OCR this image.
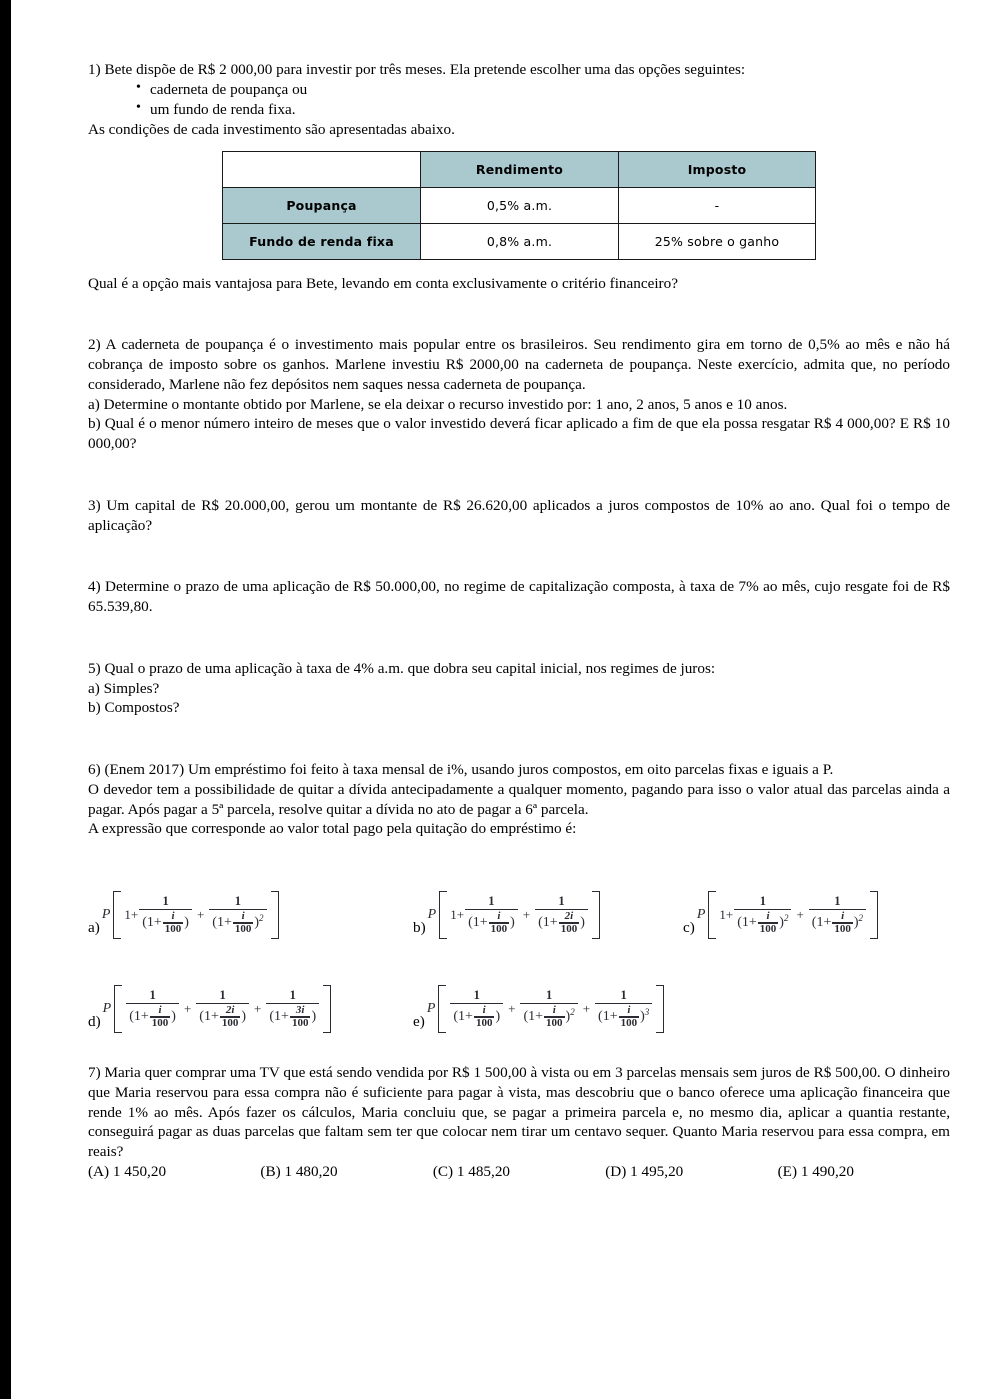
1) Bete dispõe de R$ 2 000,00 para investir por três meses. Ela pretende escolher uma das opções seguintes:

• caderneta de poupança ou
• um fundo de renda fixa.

As condições de cada investimento são apresentadas abaixo.

	Rendimento	Imposto
Poupança	0,5% a.m.	-
Fundo de renda fixa	0,8% a.m.	25% sobre o ganho

Qual é a opção mais vantajosa para Bete, levando em conta exclusivamente o critério financeiro?

2) A caderneta de poupança é o investimento mais popular entre os brasileiros. Seu rendimento gira em torno de 0,5% ao mês e não há cobrança de imposto sobre os ganhos. Marlene investiu R$ 2000,00 na caderneta de poupança. Neste exercício, admita que, no período considerado, Marlene não fez depósitos nem saques nessa caderneta de poupança.

a) Determine o montante obtido por Marlene, se ela deixar o recurso investido por: 1 ano, 2 anos, 5 anos e 10 anos.

b) Qual é o menor número inteiro de meses que o valor investido deverá ficar aplicado a fim de que ela possa resgatar R$ 4 000,00? E R$ 10 000,00?

3) Um capital de R$ 20.000,00, gerou um montante de R$ 26.620,00 aplicados a juros compostos de 10% ao ano. Qual foi o tempo de aplicação?

4) Determine o prazo de uma aplicação de R$ 50.000,00, no regime de capitalização composta, à taxa de 7% ao mês, cujo resgate foi de R$ 65.539,80.

5) Qual o prazo de uma aplicação à taxa de 4% a.m. que dobra seu capital inicial, nos regimes de juros:

a) Simples?

b) Compostos?

6) (Enem 2017) Um empréstimo foi feito à taxa mensal de i%, usando juros compostos, em oito parcelas fixas e iguais a P.

O devedor tem a possibilidade de quitar a dívida antecipadamente a qualquer momento, pagando para isso o valor atual das parcelas ainda a pagar. Após pagar a 5ª parcela, resolve quitar a dívida no ato de pagar a 6ª parcela.

A expressão que corresponde ao valor total pago pela quitação do empréstimo é:

a)
P 1+
1
(1+ i
100 )
+
1
(1+ i
100 ) 2
b)
P 1+
1
(1+ i
100 )
+
1
(1+ 2i
100 )	c)
P 1+
1
(1+ i
100 ) 2 +
1
(1+ i
100 ) 2
d)
P
1
(1+ i
100 )
+
1
(1+ 2i
100 )
+
1
(1+ 3i
100 )	e)
P
1
(1+ i
100 )
+
1
(1+ i
100 ) 2 +
1
(1+ i
100 ) 3

7) Maria quer comprar uma TV que está sendo vendida por R$ 1 500,00 à vista ou em 3 parcelas mensais sem juros de R$ 500,00. O dinheiro que Maria reservou para essa compra não é suficiente para pagar à vista, mas descobriu que o banco oferece uma aplicação financeira que rende 1% ao mês. Após fazer os cálculos, Maria concluiu que, se pagar a primeira parcela e, no mesmo dia, aplicar a quantia restante, conseguirá pagar as duas parcelas que faltam sem ter que colocar nem tirar um centavo sequer. Quanto Maria reservou para essa compra, em reais?

(A) 1 450,20	(B) 1 480,20	(C) 1 485,20	(D) 1 495,20	(E) 1 490,20
